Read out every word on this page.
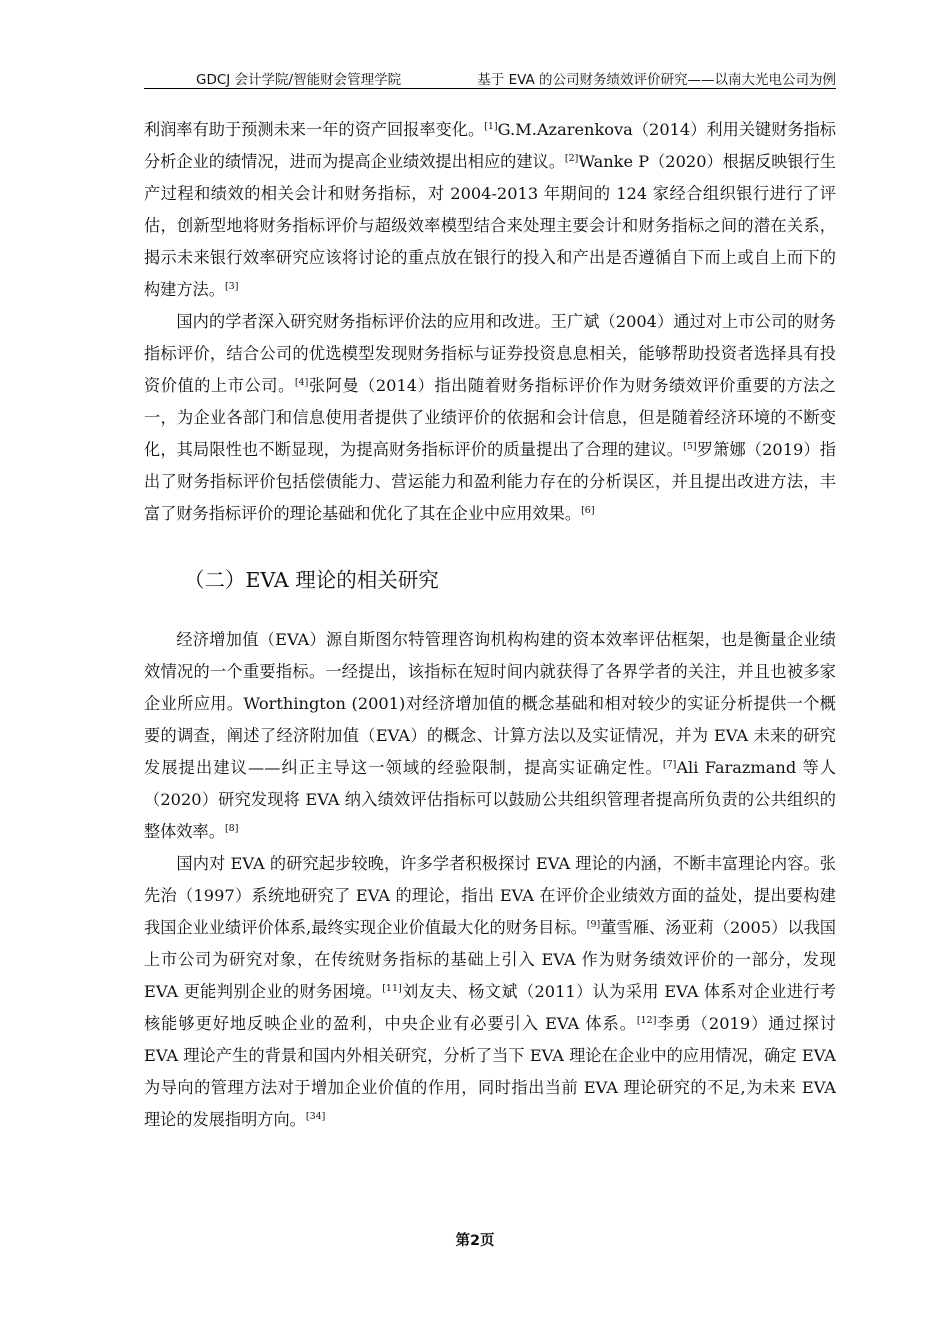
GDCJ 会计学院/智能财会管理学院	基于 EVA 的公司财务绩效评价研究——以南大光电公司为例

利润率有助于预测未来一年的资产回报率变化。[1]G.M.Azarenkova（2014）利用关键财务指标分析企业的绩情况，进而为提高企业绩效提出相应的建议。[2]Wanke P（2020）根据反映银行生产过程和绩效的相关会计和财务指标，对 2004-2013 年期间的 124 家经合组织银行进行了评估，创新型地将财务指标评价与超级效率模型结合来处理主要会计和财务指标之间的潜在关系，揭示未来银行效率研究应该将讨论的重点放在银行的投入和产出是否遵循自下而上或自上而下的构建方法。[3]

国内的学者深入研究财务指标评价法的应用和改进。王广斌（2004）通过对上市公司的财务指标评价，结合公司的优选模型发现财务指标与证券投资息息相关，能够帮助投资者选择具有投资价值的上市公司。[4]张阿曼（2014）指出随着财务指标评价作为财务绩效评价重要的方法之一，为企业各部门和信息使用者提供了业绩评价的依据和会计信息，但是随着经济环境的不断变化，其局限性也不断显现，为提高财务指标评价的质量提出了合理的建议。[5]罗箫娜（2019）指出了财务指标评价包括偿债能力、营运能力和盈利能力存在的分析误区，并且提出改进方法，丰富了财务指标评价的理论基础和优化了其在企业中应用效果。[6]

（二）EVA 理论的相关研究

经济增加值（EVA）源自斯图尔特管理咨询机构构建的资本效率评估框架，也是衡量企业绩效情况的一个重要指标。一经提出，该指标在短时间内就获得了各界学者的关注，并且也被多家企业所应用。Worthington (2001)对经济增加值的概念基础和相对较少的实证分析提供一个概要的调查，阐述了经济附加值（EVA）的概念、计算方法以及实证情况，并为 EVA 未来的研究发展提出建议——纠正主导这一领域的经验限制，提高实证确定性。[7]Ali Farazmand 等人（2020）研究发现将 EVA 纳入绩效评估指标可以鼓励公共组织管理者提高所负责的公共组织的整体效率。[8]

国内对 EVA 的研究起步较晚，许多学者积极探讨 EVA 理论的内涵，不断丰富理论内容。张先治（1997）系统地研究了 EVA 的理论，指出 EVA 在评价企业绩效方面的益处，提出要构建我国企业业绩评价体系,最终实现企业价值最大化的财务目标。[9]董雪雁、汤亚莉（2005）以我国上市公司为研究对象，在传统财务指标的基础上引入 EVA 作为财务绩效评价的一部分，发现 EVA 更能判别企业的财务困境。[11]刘友夫、杨文斌（2011）认为采用 EVA 体系对企业进行考核能够更好地反映企业的盈利，中央企业有必要引入 EVA 体系。[12]李勇（2019）通过探讨 EVA 理论产生的背景和国内外相关研究，分析了当下 EVA 理论在企业中的应用情况，确定 EVA 为导向的管理方法对于增加企业价值的作用，同时指出当前 EVA 理论研究的不足,为未来 EVA 理论的发展指明方向。[34]

第2页
